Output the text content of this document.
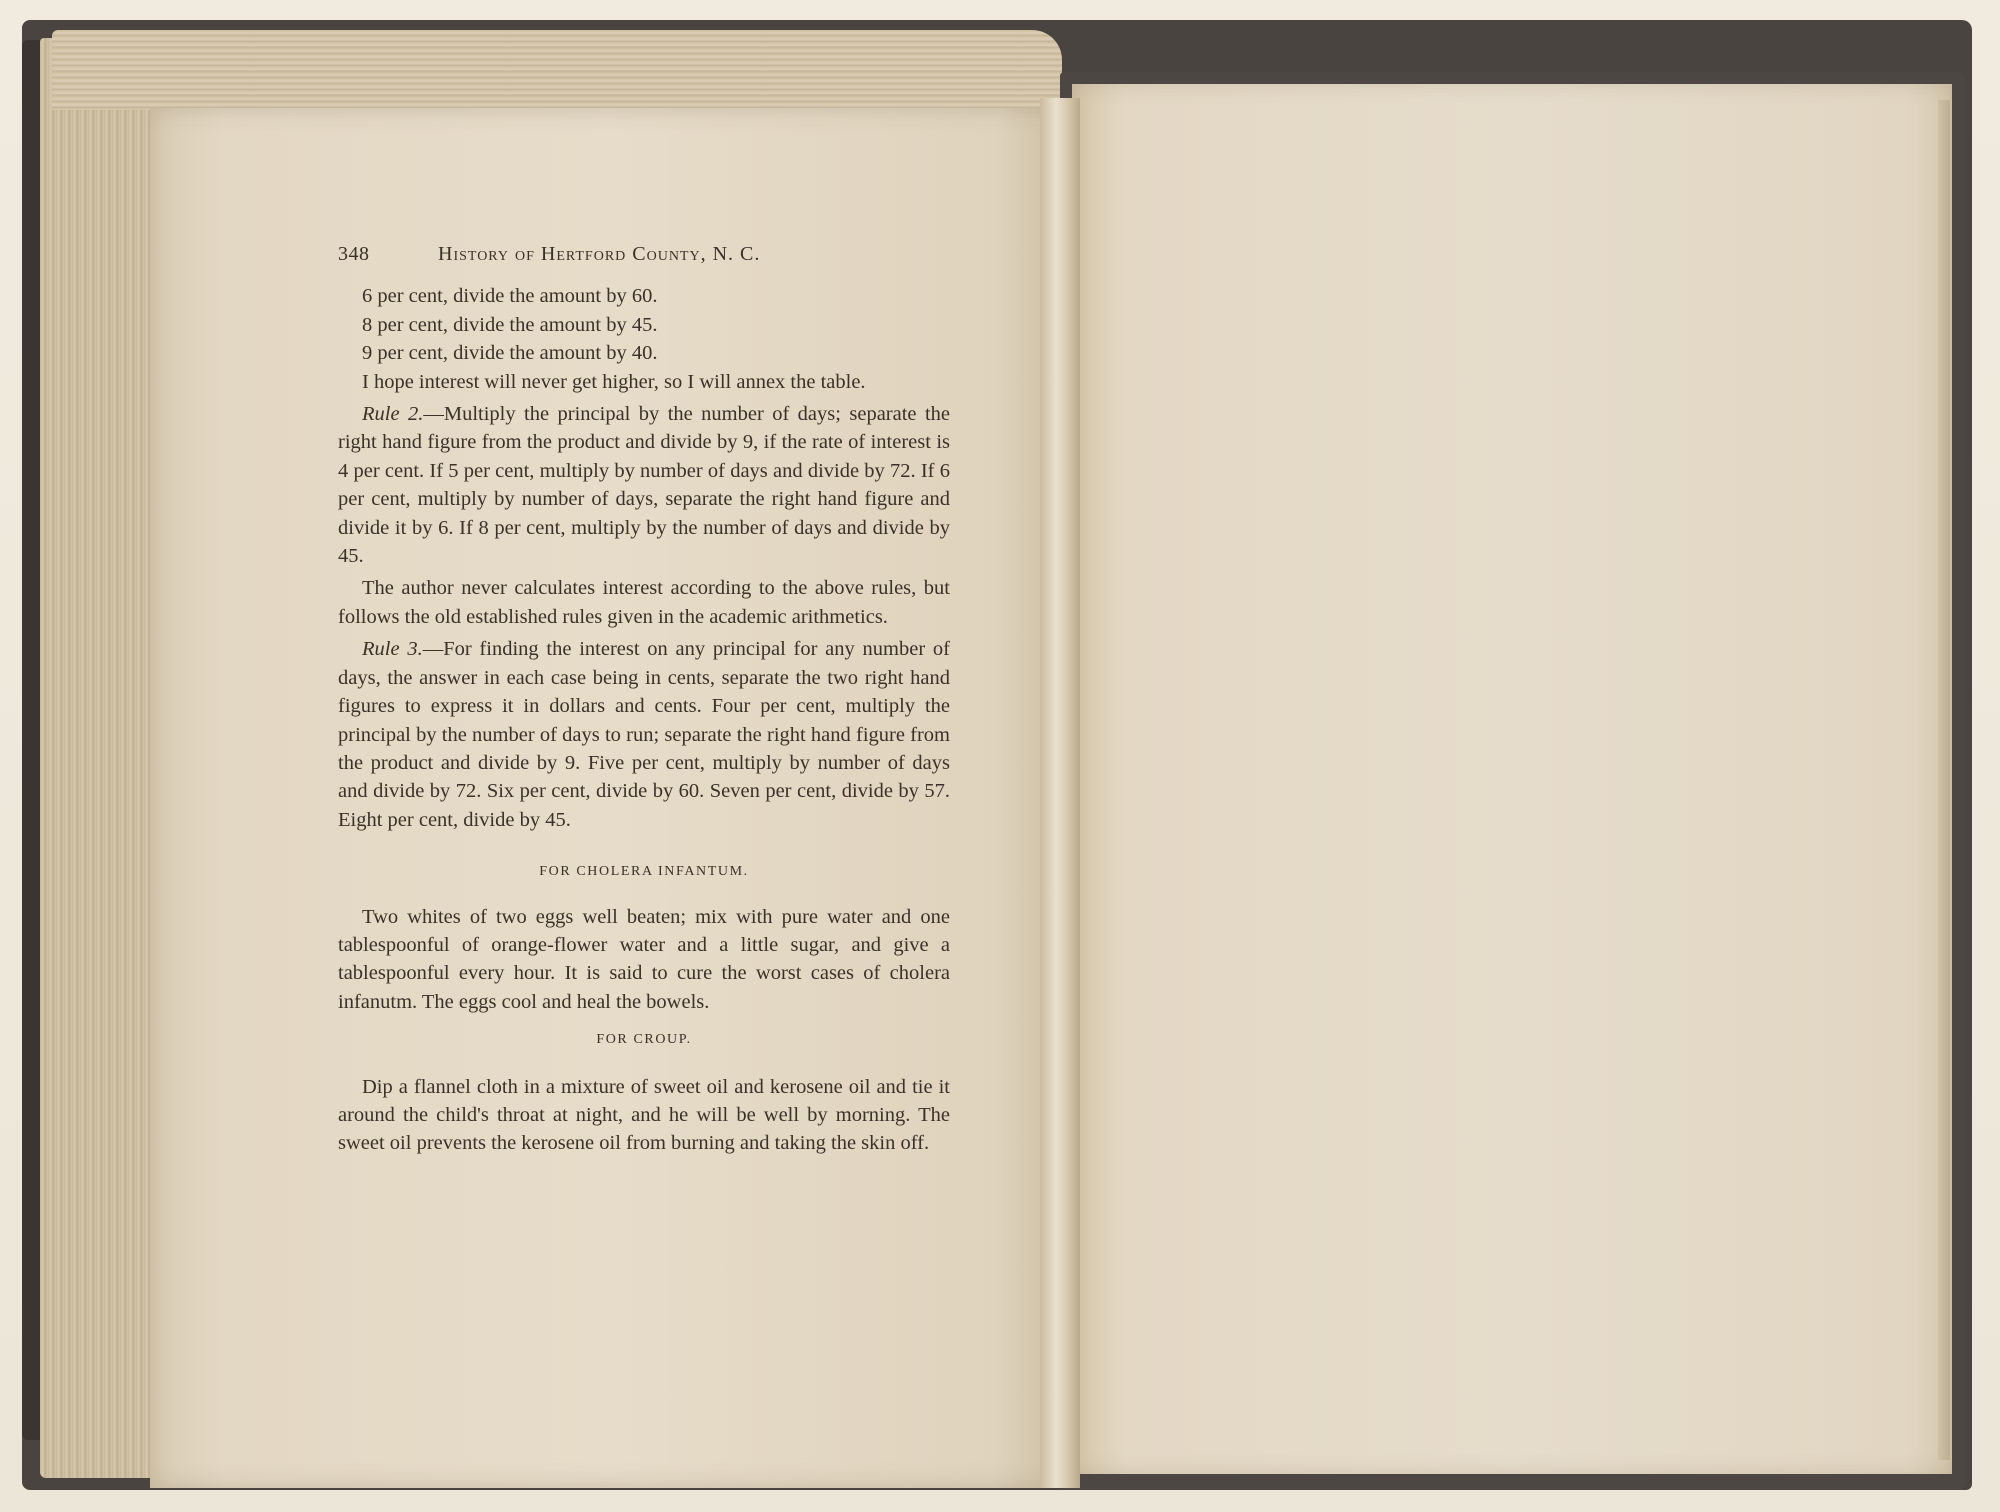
348	History of Hertford County, N. C.
6 per cent, divide the amount by 60.
8 per cent, divide the amount by 45.
9 per cent, divide the amount by 40.

I hope interest will never get higher, so I will annex the table.

Rule 2.—Multiply the principal by the number of days; separate the right hand figure from the product and divide by 9, if the rate of interest is 4 per cent. If 5 per cent, multiply by number of days and divide by 72. If 6 per cent, multiply by number of days, separate the right hand figure and divide it by 6. If 8 per cent, multiply by the number of days and divide by 45.

The author never calculates interest according to the above rules, but follows the old established rules given in the academic arithmetics.

Rule 3.—For finding the interest on any principal for any number of days, the answer in each case being in cents, separate the two right hand figures to express it in dollars and cents. Four per cent, multiply the principal by the number of days to run; separate the right hand figure from the product and divide by 9. Five per cent, multiply by number of days and divide by 72. Six per cent, divide by 60. Seven per cent, divide by 57. Eight per cent, divide by 45.

FOR CHOLERA INFANTUM.

Two whites of two eggs well beaten; mix with pure water and one tablespoonful of orange-flower water and a little sugar, and give a tablespoonful every hour. It is said to cure the worst cases of cholera infanutm. The eggs cool and heal the bowels.

FOR CROUP.

Dip a flannel cloth in a mixture of sweet oil and kerosene oil and tie it around the child's throat at night, and he will be well by morning. The sweet oil prevents the kerosene oil from burning and taking the skin off.
